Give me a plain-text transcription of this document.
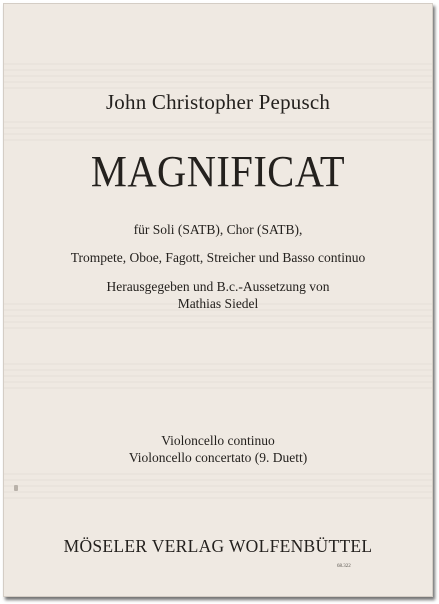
John Christopher Pepusch
MAGNIFICAT
für Soli (SATB), Chor (SATB),
Trompete, Oboe, Fagott, Streicher und Basso continuo
Herausgegeben und B.c.-Aussetzung von
Mathias Siedel
Violoncello continuo
Violoncello concertato (9. Duett)
MÖSELER VERLAG WOLFENBÜTTEL
68.322
